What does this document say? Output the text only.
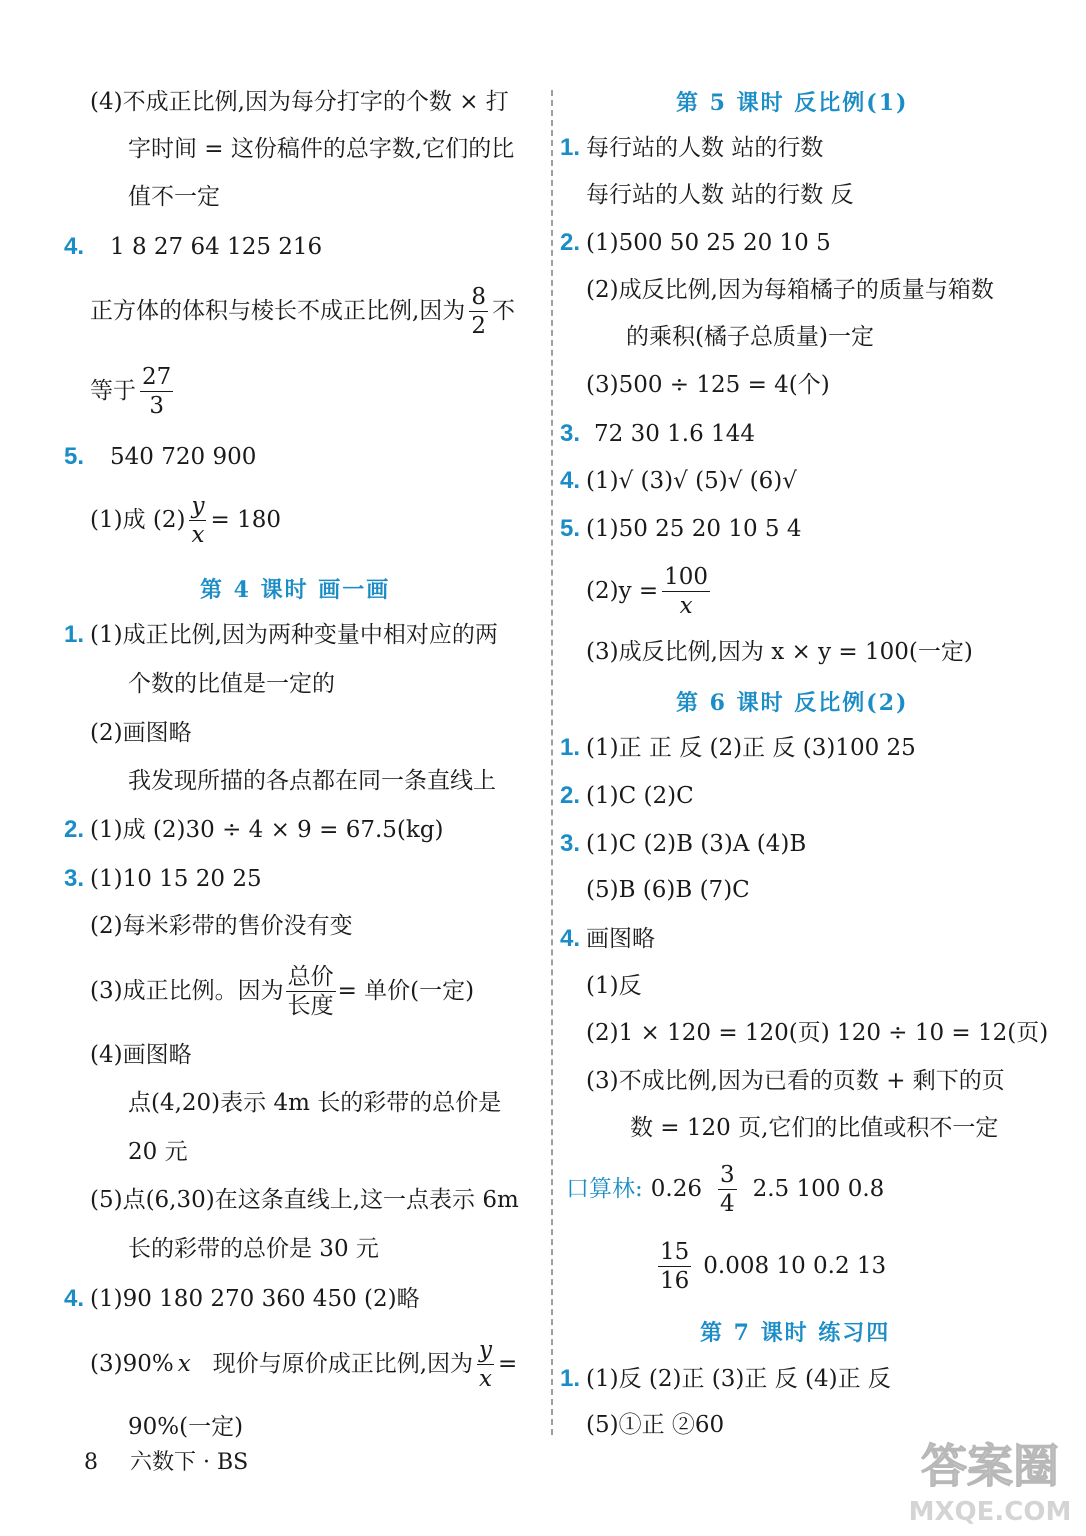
(4)不成正比例,因为每分打字的个数 × 打
字时间 = 这份稿件的总字数,它们的比
值不一定
4. 1 8 27 64 125 216
正方体的体积与棱长不成正比例,因为 $\frac{8}{2}$ 不
等于 $\frac{27}{3}$
5. 540 720 900
(1)成 $(2) \frac{y}{x} = 180$
第 4 课时 画一画
1. (1)成正比例,因为两种变量中相对应的两
个数的比值是一定的
(2)画图略
我发现所描的各点都在同一条直线上
2. (1)成 (2)30 ÷ 4 × 9 = 67.5(kg)
3. (1)10 15 20 25
(2)每米彩带的售价没有变
(3)成正比例。因为 $\frac{\text{总价}}{\text{长度}}$ = 单价(一定)
(4)画图略
点(4,20)表示 4m 长的彩带的总价是
20 元
(5)点(6,30)在这条直线上,这一点表示 6m
长的彩带的总价是 30 元
4. (1)90 180 270 360 450 (2)略
(3)90% x 现价与原价成正比例,因为 $\frac{y}{x}$ =
90%(一定)
第 5 课时 反比例(1)
1. 每行站的人数 站的行数
每行站的人数 站的行数 反
2. (1)500 50 25 20 10 5
(2)成反比例,因为每箱橘子的质量与箱数
的乘积(橘子总质量)一定
(3)500 ÷ 125 = 4(个)
3. 72 30 1.6 144
4. (1)√ (3)√ (5)√ (6)√
5. (1)50 25 20 10 5 4
$(2)y = \frac{100}{x}$
(3)成反比例,因为 x × y = 100(一定)
第 6 课时 反比例(2)
1. (1)正 正 反 (2)正 反 (3)100 25
2. (1)C (2)C
3. (1)C (2)B (3)A (4)B
(5)B (6)B (7)C
4. 画图略
(1)反
(2)1 × 120 = 120(页) 120 ÷ 10 = 12(页)
(3)不成比例,因为已看的页数 + 剩下的页
数 = 120 页,它们的比值或积不一定
口算林: $0.26 \frac{3}{4} 2.5$ 100 0.8
$\frac{15}{16} 0.008$ 10 0.2 13
第 7 课时 练习四
1. (1)反 (2)正 (3)正 反 (4)正 反
(5)①正 ②60
8 六数下 · BS	答案圈
MXQE.COM
